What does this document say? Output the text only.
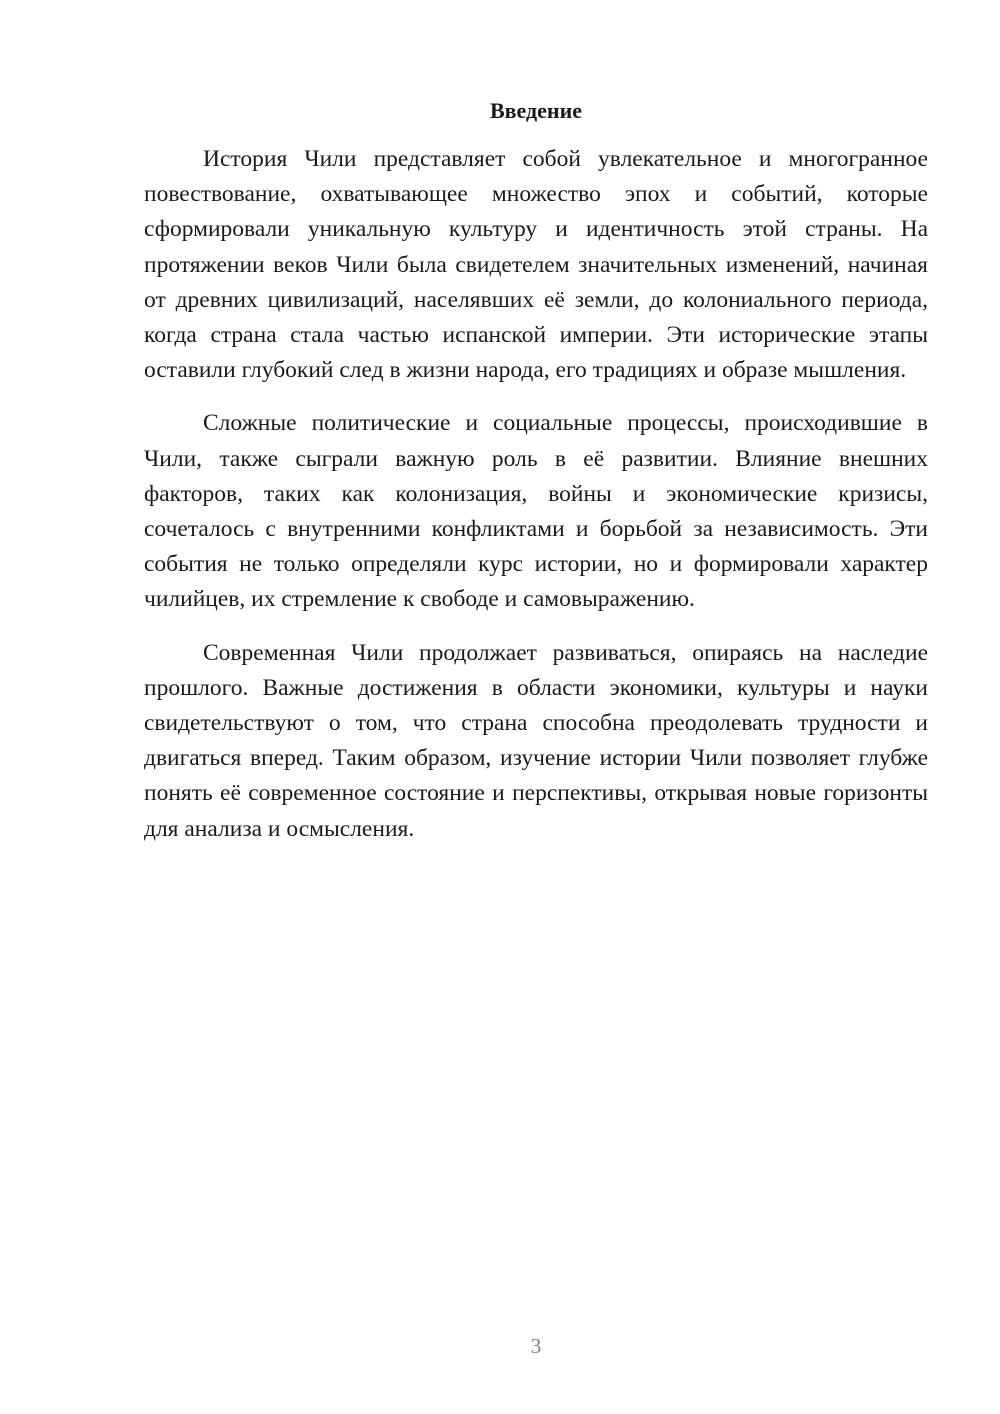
Введение

История Чили представляет собой увлекательное и многогранное повествование, охватывающее множество эпох и событий, которые сформировали уникальную культуру и идентичность этой страны. На протяжении веков Чили была свидетелем значительных изменений, начиная от древних цивилизаций, населявших её земли, до колониального периода, когда страна стала частью испанской империи. Эти исторические этапы оставили глубокий след в жизни народа, его традициях и образе мышления.

Сложные политические и социальные процессы, происходившие в Чили, также сыграли важную роль в её развитии. Влияние внешних факторов, таких как колонизация, войны и экономические кризисы, сочеталось с внутренними конфликтами и борьбой за независимость. Эти события не только определяли курс истории, но и формировали характер чилийцев, их стремление к свободе и самовыражению.

Современная Чили продолжает развиваться, опираясь на наследие прошлого. Важные достижения в области экономики, культуры и науки свидетельствуют о том, что страна способна преодолевать трудности и двигаться вперед. Таким образом, изучение истории Чили позволяет глубже понять её современное состояние и перспективы, открывая новые горизонты для анализа и осмысления.

3
